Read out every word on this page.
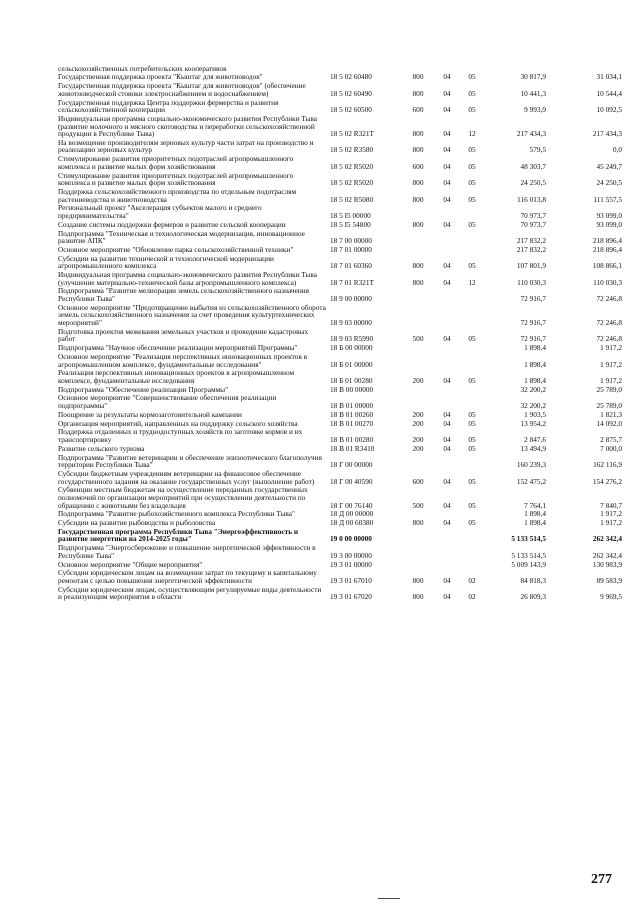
сельскохозяйственных потребительских кооперативов						
Государственная поддержка проекта "Кыштаг для животноводов"	18 5 02 60480	800	04	05	30 817,9	31 034,1
Государственная поддержка проекта "Кыштаг для животноводов" (обеспечение животноводческой стоянки электроснабжением и водоснабжением)	18 5 02 60490	800	04	05	10 441,3	10 544,4
Государственная поддержка Центра поддержки фермерства и развития сельскохозяйственной кооперации	18 5 02 60500	600	04	05	9 993,9	10 092,5
Индивидуальная программа социально-экономического развития Республики Тыва (развитие молочного и мясного скотоводства и переработки сельскохозяйственной продукции в Республике Тыва)	18 5 02 R321T	800	04	12	217 434,3	217 434,3
На возмещение производителям зерновых культур части затрат на производство и реализацию зерновых культур	18 5 02 R3580	800	04	05	579,5	0,0
Стимулирование развития приоритетных подотраслей агропромышленного комплекса и развитие малых форм хозяйствования	18 5 02 R5020	600	04	05	48 303,7	45 249,7
Стимулирование развития приоритетных подотраслей агропромышленного комплекса и развитие малых форм хозяйствования	18 5 02 R5020	800	04	05	24 250,5	24 250,5
Поддержка сельскохозяйственного производства по отдельным подотраслям растениеводства и животноводства	18 5 02 R5080	800	04	05	116 013,8	111 557,5
Региональный проект "Акселерация субъектов малого и среднего предпринимательства"	18 5 I5 00000				70 973,7	93 099,0
Создание системы поддержки фермеров и развитие сельской кооперации	18 5 I5 54800	800	04	05	70 973,7	93 099,0
Подпрограмма "Техническая и технологическая модернизация, инновационное развитие АПК"	18 7 00 00000				217 832,2	218 896,4
Основное мероприятие "Обновление парка сельскохозяйственной техники"	18 7 01 00000				217 832,2	218 896,4
Субсидии на развитие технической и технологической модернизации агропромышленного комплекса	18 7 01 60360	800	04	05	107 801,9	108 866,1
Индивидуальная программа социально-экономического развития Республики Тыва (улучшение материально-технической базы агропромышленного комплекса)	18 7 01 R321T	800	04	12	110 030,3	110 030,3
Подпрограмма "Развитие мелиорации земель сельскохозяйственного назначения Республики Тыва"	18 9 00 00000				72 916,7	72 246,8
Основное мероприятие "Предотвращение выбытия из сельскохозяйственного оборота земель сельскохозяйственного назначения за счет проведения культуртехнических мероприятий"	18 9 03 00000				72 916,7	72 246,8
Подготовка проектов межевания земельных участков и проведение кадастровых работ	18 9 03 R5990	500	04	05	72 916,7	72 246,8
Подпрограмма "Научное обеспечение реализации мероприятий Программы"	18 Б 00 00000				1 898,4	1 917,2
Основное мероприятие "Реализация перспективных инновационных проектов в агропромышленном комплексе, фундаментальные исследования"	18 Б 01 00000				1 898,4	1 917,2
Реализация перспективных инновационных проектов в агропромышленном комплексе, фундаментальные исследования	18 Б 01 00280	200	04	05	1 898,4	1 917,2
Подпрограмма "Обеспечение реализации Программы"	18 В 00 00000				32 200,2	25 789,0
Основное мероприятие "Совершенствование обеспечения реализации подпрограммы"	18 В 01 00000				32 200,2	25 789,0
Поощрение за результаты кормозаготовительной кампании	18 В 01 00260	200	04	05	1 903,5	1 821,3
Организация мероприятий, направленных на поддержку сельского хозяйства	18 В 01 00270	200	04	05	13 954,2	14 092,0
Поддержка отдаленных и труднодоступных хозяйств по заготовке кормов и их транспортировку	18 В 01 00280	200	04	05	2 847,6	2 875,7
Развитие сельского туризма	18 В 01 R3410	200	04	05	13 494,9	7 000,0
Подпрограмма "Развитие ветеринарии и обеспечение эпизоотического благополучия территории Республики Тыва"	18 Г 00 00000				160 239,3	162 116,9
Субсидии бюджетным учреждениям ветеринарии на финансовое обеспечение государственного задания на оказание государственных услуг (выполнение работ)	18 Г 00 40590	600	04	05	152 475,2	154 276,2
Субвенции местным бюджетам на осуществление переданных государственных полномочий по организации мероприятий при осуществлении деятельности по обращению с животными без владельцев	18 Г 00 76140	500	04	05	7 764,1	7 840,7
Подпрограмма "Развитие рыбохозяйственного комплекса Республики Тыва"	18 Д 00 00000				1 898,4	1 917,2
Субсидии на развитие рыбоводства и рыболовства	18 Д 00 60380	800	04	05	1 898,4	1 917,2
Государственная программа Республики Тыва "Энергоэффективность и развитие энергетики на 2014-2025 годы"	19 0 00 00000				5 133 514,5	262 342,4
Подпрограмма "Энергосбережение и повышение энергетической эффективности в Республике Тыва"	19 3 00 00000				5 133 514,5	262 342,4
Основное мероприятие "Общие мероприятия"	19 3 01 00000				5 009 143,9	130 983,9
Субсидии юридическим лицам на возмещение затрат по текущему и капитальному ремонтам с целью повышения энергетической эффективности	19 3 01 67010	800	04	02	84 818,3	89 583,9
Субсидии юридическим лицам, осуществляющим регулируемые виды деятельности и реализующим мероприятия в области	19 3 01 67020	800	04	02	26 809,3	9 969,5
277
